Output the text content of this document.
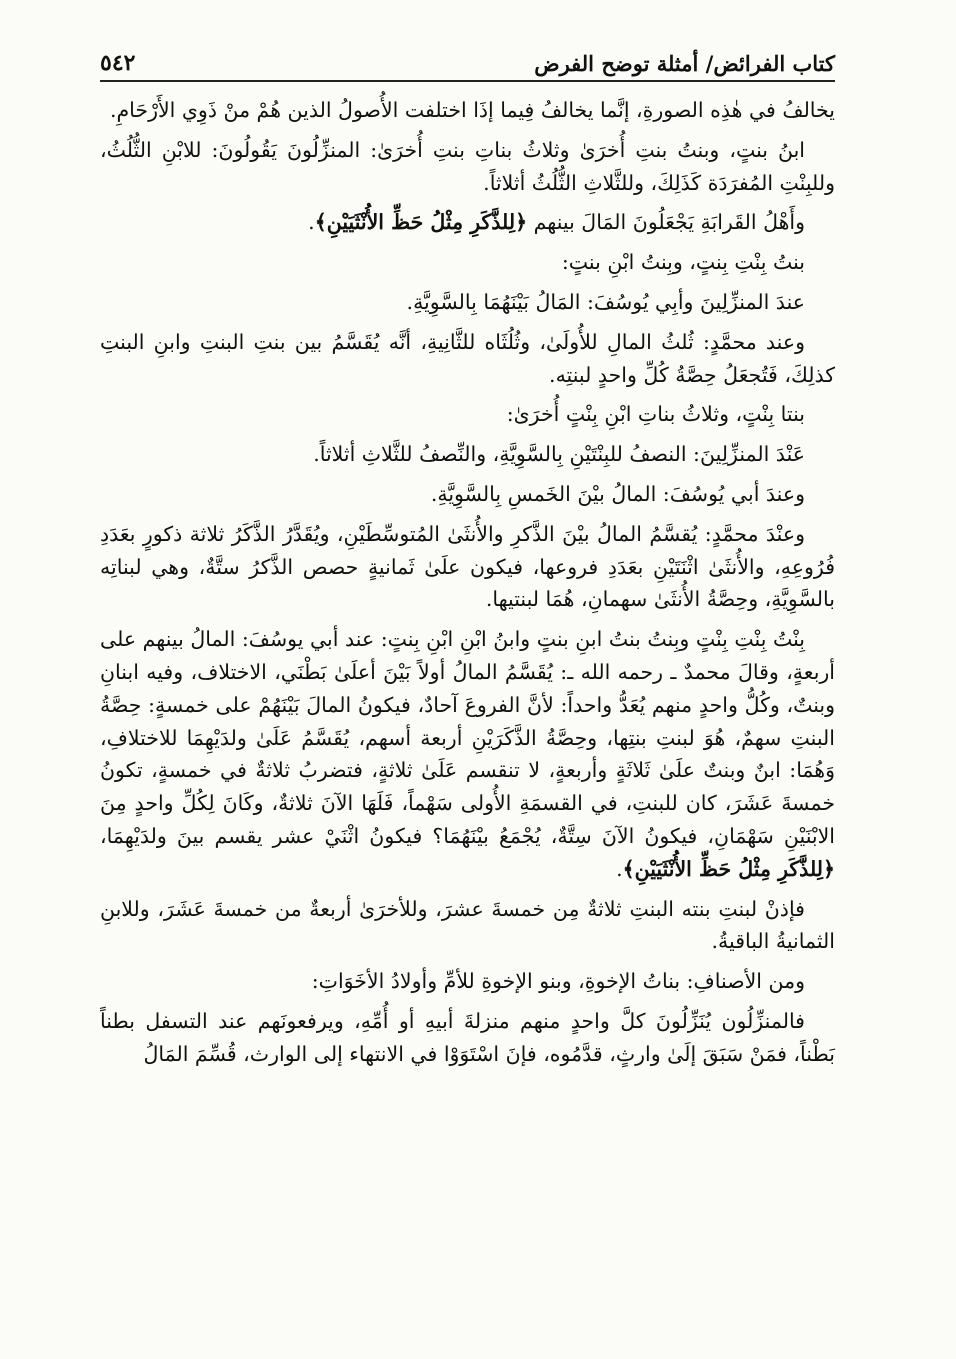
كتاب الفرائض/ أمثلة توضح الفرض
٥٤٢

يخالفُ في هٰذِه الصورةِ، إنَّما يخالفُ فِيما إذَا اختلفت الأُصولُ الذين هُمْ منْ ذَوِي الأَرْحَامِ.

ابنُ بنتٍ، وبنتُ بنتِ أُخرَىٰ وثلاثُ بناتِ بنتِ أُخرَىٰ: المنزِّلُونَ يَقُولُونَ: للابْنِ الثُّلُثُ، وللبِنْتِ المُفرَدَة كَذَلِكَ، وللثَّلاثِ الثُّلُثُ أثلاثاً.

وأَهْلُ القَرابَةِ يَجْعَلُونَ المَالَ بينهم ﴿لِلذَّكَرِ مِثْلُ حَظِّ الأُنْثَيَيْنِ﴾.

بنتُ بِنْتِ بِنتٍ، وبِنتُ ابْنِ بنتٍ:

عندَ المنزِّلِينَ وأبِي يُوسُفَ: المَالُ بَيْنَهُمَا بِالسَّوِيَّةِ.

وعند محمَّدٍ: ثُلثُ المالِ للأُولَىٰ، وثُلُثَاه للثَّانِيةِ، أنَّه يُقَسَّمُ بين بنتِ البنتِ وابنِ البنتِ كذلِكَ، فَتُجعَلُ حِصَّةُ كُلِّ واحدٍ لبنتِه.

بنتا بِنْتٍ، وثلاثُ بناتِ ابْنِ بِنْتٍ أُخرَىٰ:

عَنْدَ المنزِّلِينَ: النصفُ للبِنْتَيْنِ بِالسَّوِيَّةِ، والنِّصفُ للثَّلاثِ أثلاثاً.

وعندَ أبي يُوسُفَ: المالُ بيْنَ الخَمسِ بِالسَّوِيَّةِ.

وعنْدَ محمَّدٍ: يُقسَّمُ المالُ بيْنَ الذَّكرِ والأُنثَىٰ المُتوسِّطَيْنِ، ويُقَدَّرُ الذَّكَرُ ثلاثة ذكورٍ بعَدَدِ فُرُوعِهِ، والأُنثَىٰ اثْنَتَيْنِ بعَدَدِ فروعها، فيكون علَىٰ ثَمانيةٍ حصص الذَّكرُ ستَّةٌ، وهي لبناتِه بالسَّوِيَّةِ، وحِصَّةُ الأُنثَىٰ سهمانِ، هُمَا لبنتيها.

بِنْتُ بِنْتِ بِنْتٍ وبِنتُ بنتُ ابنِ بنتٍ وابنُ ابْنِ ابْنِ بِنتٍ: عند أبي يوسُفَ: المالُ بينهم على أربعةٍ، وقالَ محمدٌ ـ رحمه الله ـ: يُقَسَّمُ المالُ أولاً بَيْنَ أعلَىٰ بَطْنَي، الاختلاف، وفيه ابنانِ وبنتٌ، وكُلُّ واحدٍ منهم يُعَدُّ واحداً: لأنَّ الفروعَ آحادٌ، فيكونُ المالَ بَيْنَهُمْ على خمسةٍ: حِصَّةُ البنتِ سهمٌ، هُوَ لبنتِ بنتِها، وحِصَّةُ الذَّكَرَيْنِ أربعة أسهم، يُقَسَّمُ عَلَىٰ ولدَيْهِمَا للاختلافِ، وَهُمَا: ابنٌ وبنتٌ علَىٰ ثَلاثَةٍ وأربعةٍ، لا تنقسم عَلَىٰ ثلاثةٍ، فتضربُ ثلاثةٌ في خمسةٍ، تكونُ خمسةَ عَشَرَ، كان للبنتِ، في القسمَةِ الأُولى سَهْماً، فَلَهَا الآنَ ثلاثةٌ، وكَانَ لِكُلِّ واحدٍ مِنَ الابْنَيْنِ سَهْمَانِ، فيكونُ الآنَ سِتَّةٌ، يُجْمَعُ بيْنَهُمَا؟ فيكونُ اثْنَيْ عشر يقسم بينَ ولدَيْهِمَا، ﴿لِلذَّكَرِ مِثْلُ حَظِّ الأُنْثَيَيْنِ﴾.

فإذنْ لبنتِ بنته البنتِ ثلاثةٌ مِن خمسةَ عشرَ، وللأخرَىٰ أربعةٌ من خمسةَ عَشَرَ، وللابنِ الثمانيةُ الباقيةُ.

ومن الأصنافِ: بناتُ الإخوةِ، وبنو الإخوةِ للأمِّ وأولادُ الأخَوَاتِ:

فالمنزِّلُون يُنَزِّلُونَ كلَّ واحدٍ منهم منزلةَ أبيهِ أو أُمِّهِ، ويرفعونَهم عند التسفل بطناً بَطْناً، فمَنْ سَبَقَ إلَىٰ وارثٍ، قدَّمُوه، فإنَ اسْتَوَوْا في الانتهاء إلى الوارث، قُسِّمَ المَالُ
